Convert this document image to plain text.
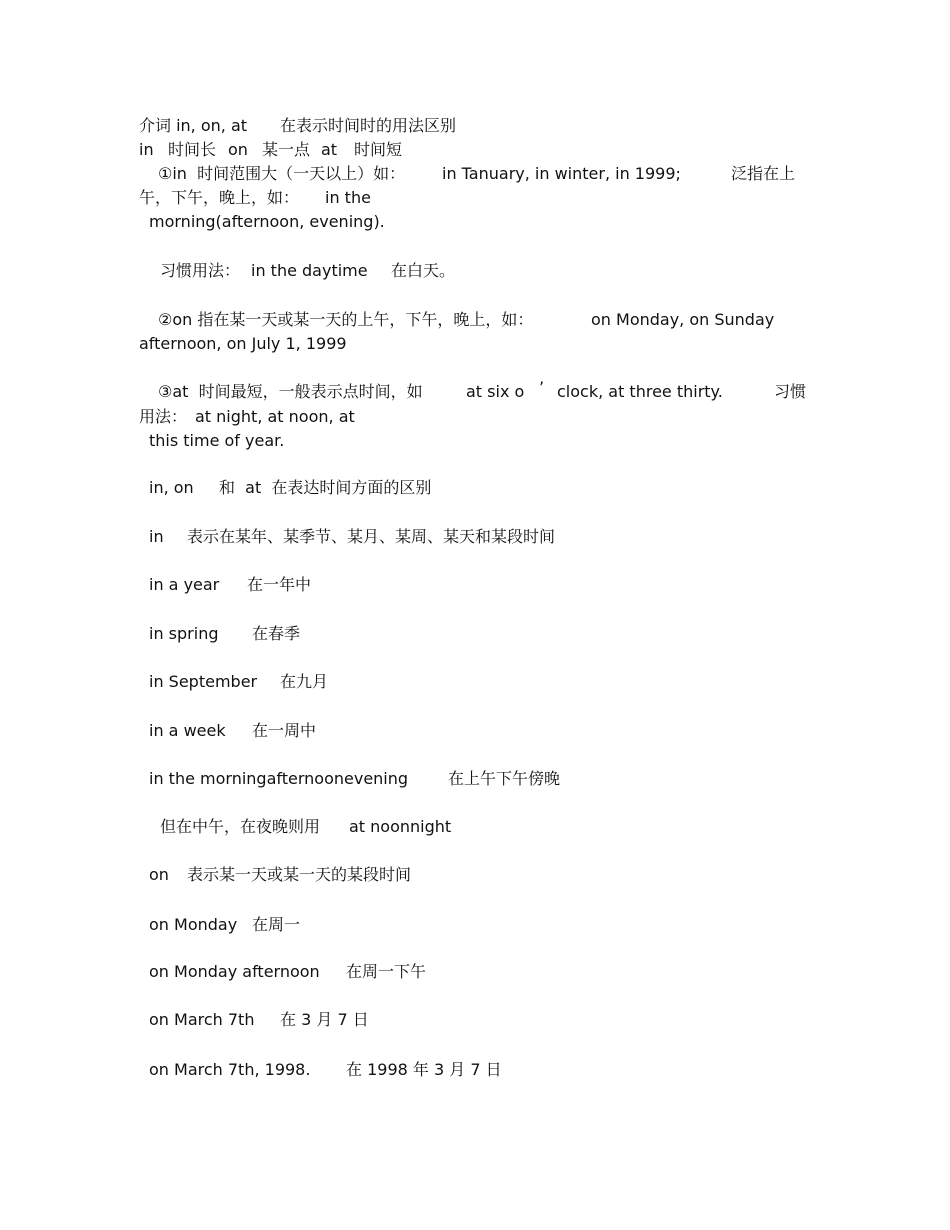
介词 in, on, at 在表示时间时的用法区别
in 时间长 on 某一点 at 时间短
①in  时间范围大（一天以上）如： in Tanuary, in winter, in 1999;	泛指在上
午，下午，晚上，如： in the
morning(afternoon, evening).
习惯用法： in the daytime 在白天。
②on 指在某一天或某一天的上午，下午，晚上，如：	on Monday, on Sunday
afternoon, on July 1, 1999
③at  时间最短，一般表示点时间，如	at six o ’ clock, at three thirty.	习惯
用法： at night, at noon, at
this time of year.
in, on 和  at  在表达时间方面的区别
in 表示在某年、某季节、某月、某周、某天和某段时间
in a year 在一年中
in spring 在春季
in September 在九月
in a week 在一周中
in the morningafternoonevening 在上午下午傍晚
但在中午，在夜晚则用 at noonnight
on 表示某一天或某一天的某段时间
on Monday 在周一
on Monday afternoon 在周一下午
on March 7th 在 3 月 7 日
on March 7th, 1998. 在 1998 年 3 月 7 日
